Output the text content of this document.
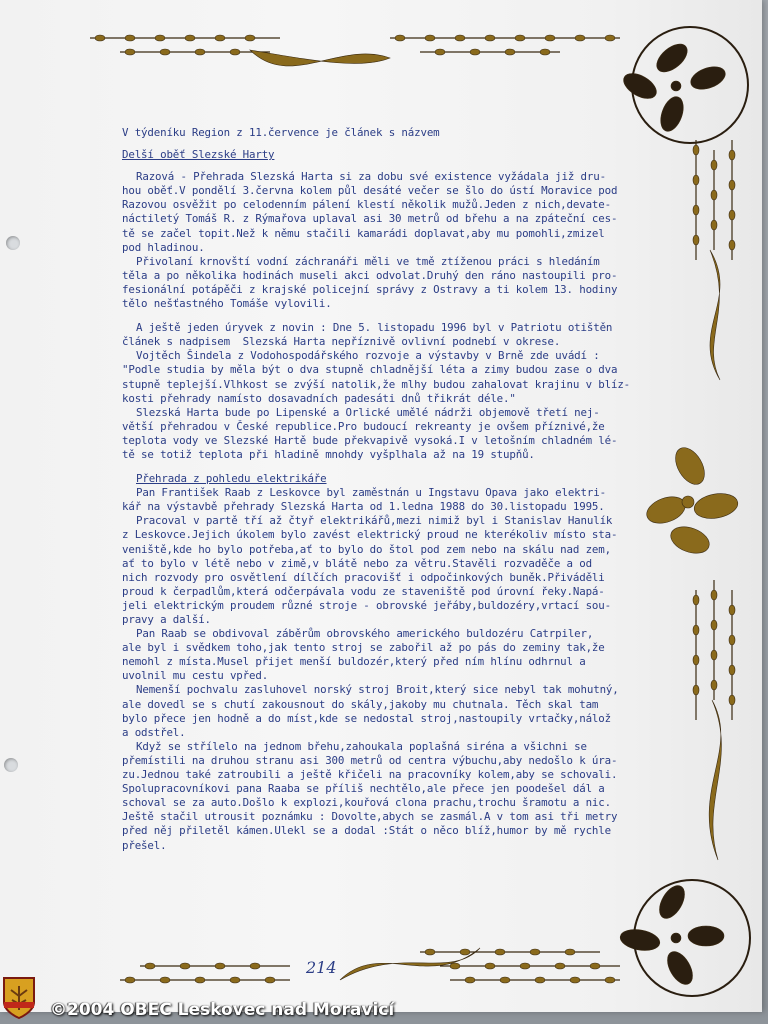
V týdeníku Region z 11.července je článek s názvem

Delší oběť Slezské Harty

Razová - Přehrada Slezská Harta si za dobu své existence vyžádala již dru-

hou oběť.V pondělí 3.června kolem půl desáté večer se šlo do ústí Moravice pod

Razovou osvěžit po celodenním pálení klestí několik mužů.Jeden z nich,devate-

náctiletý Tomáš R. z Rýmařova uplaval asi 30 metrů od břehu a na zpáteční ces-

tě se začel topit.Než k němu stačili kamarádi doplavat,aby mu pomohli,zmizel

pod hladinou.

Přivolaní krnovští vodní záchranáři měli ve tmě ztíženou práci s hledáním

těla a po několika hodinách museli akci odvolat.Druhý den ráno nastoupili pro-

fesionální potápěči z krajské policejní správy z Ostravy a ti kolem 13. hodiny

tělo nešťastného Tomáše vylovili.

A ještě jeden úryvek z novin : Dne 5. listopadu 1996 byl v Patriotu otištěn

článek s nadpisem  Slezská Harta nepříznivě ovlivní podnebí v okrese.

Vojtěch Šindela z Vodohospodářského rozvoje a výstavby v Brně zde uvádí :

"Podle studia by měla být o dva stupně chladnější léta a zimy budou zase o dva

stupně teplejší.Vlhkost se zvýší natolik,že mlhy budou zahalovat krajinu v blíz-

kosti přehrady namísto dosavadních padesáti dnů třikrát déle."

Slezská Harta bude po Lipenské a Orlické umělé nádrži objemově třetí nej-

větší přehradou v České republice.Pro budoucí rekreanty je ovšem příznivé,že

teplota vody ve Slezské Hartě bude překvapivě vysoká.I v letošním chladném lé-

tě se totiž teplota při hladině mnohdy vyšplhala až na 19 stupňů.

Přehrada z pohledu elektrikáře

Pan František Raab z Leskovce byl zaměstnán u Ingstavu Opava jako elektri-

kář na výstavbě přehrady Slezská Harta od 1.ledna 1988 do 30.listopadu 1995.

Pracoval v partě tří až čtyř elektrikářů,mezi nimiž byl i Stanislav Hanulík

z Leskovce.Jejich úkolem bylo zavést elektrický proud ne kterékoliv místo sta-

veniště,kde ho bylo potřeba,ať to bylo do štol pod zem nebo na skálu nad zem,

ať to bylo v létě nebo v zimě,v blátě nebo za větru.Stavěli rozvaděče a od

nich rozvody pro osvětlení dílčích pracovišť i odpočinkových buněk.Přiváděli

proud k čerpadlům,která odčerpávala vodu ze staveniště pod úrovní řeky.Napá-

jeli elektrickým proudem různé stroje - obrovské jeřáby,buldozéry,vrtací sou-

pravy a další.

Pan Raab se obdivoval záběrům obrovského amerického buldozéru Catrpiler,

ale byl i svědkem toho,jak tento stroj se zabořil až po pás do zeminy tak,že

nemohl z místa.Musel přijet menší buldozér,který před ním hlínu odhrnul a

uvolnil mu cestu vpřed.

Nemenší pochvalu zasluhovel norský stroj Broit,který sice nebyl tak mohutný,

ale dovedl se s chutí zakousnout do skály,jakoby mu chutnala. Těch skal tam

bylo přece jen hodně a do míst,kde se nedostal stroj,nastoupily vrtačky,nálož

a odstřel.

Když se střílelo na jednom břehu,zahoukala poplašná siréna a všichni se

přemístili na druhou stranu asi 300 metrů od centra výbuchu,aby nedošlo k úra-

zu.Jednou také zatroubili a ještě křičeli na pracovníky kolem,aby se schovali.

Spolupracovníkovi pana Raaba se příliš nechtělo,ale přece jen poodešel dál a

schoval se za auto.Došlo k explozi,kouřová clona prachu,trochu šramotu a nic.

Ještě stačil utrousit poznámku : Dovolte,abych se zasmál.A v tom asi tři metry

před něj přiletěl kámen.Ulekl se a dodal :Stát o něco blíž,humor by mě rychle

přešel.

214
©2004 OBEC Leskovec nad Moravicí
